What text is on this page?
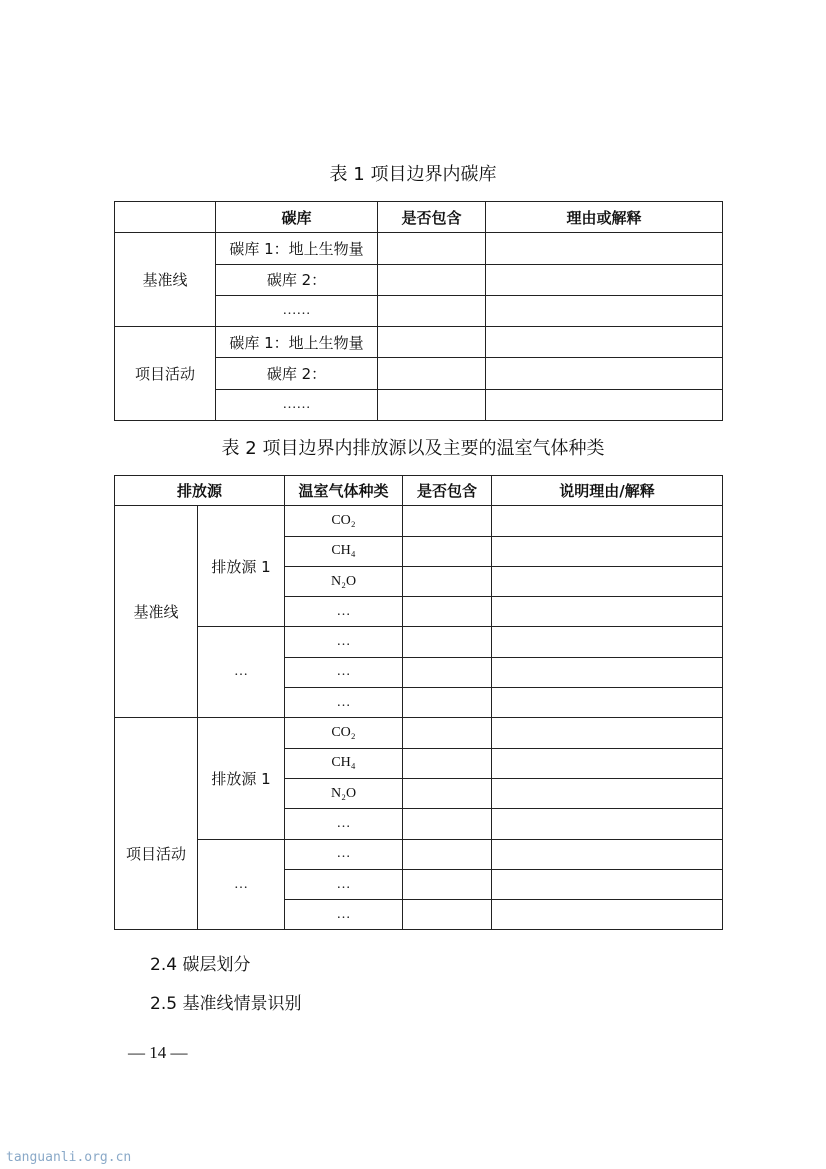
表 1 项目边界内碳库
	碳库	是否包含	理由或解释
基准线	碳库 1：地上生物量		
	碳库 2：		
	……		
项目活动	碳库 1：地上生物量		
	碳库 2：		
	……		
表 2 项目边界内排放源以及主要的温室气体种类
排放源		温室气体种类	是否包含	说明理由/解释
基准线	排放源 1	CO₂		
		CH₄		
		N₂O		
		…		
	…	…		
		…		
		…		
项目活动	排放源 1	CO₂		
		CH₄		
		N₂O		
		…		
	…	…		
		…		
		…		
2.4 碳层划分
2.5 基准线情景识别
— 14 —
tanguanli.org.cn
